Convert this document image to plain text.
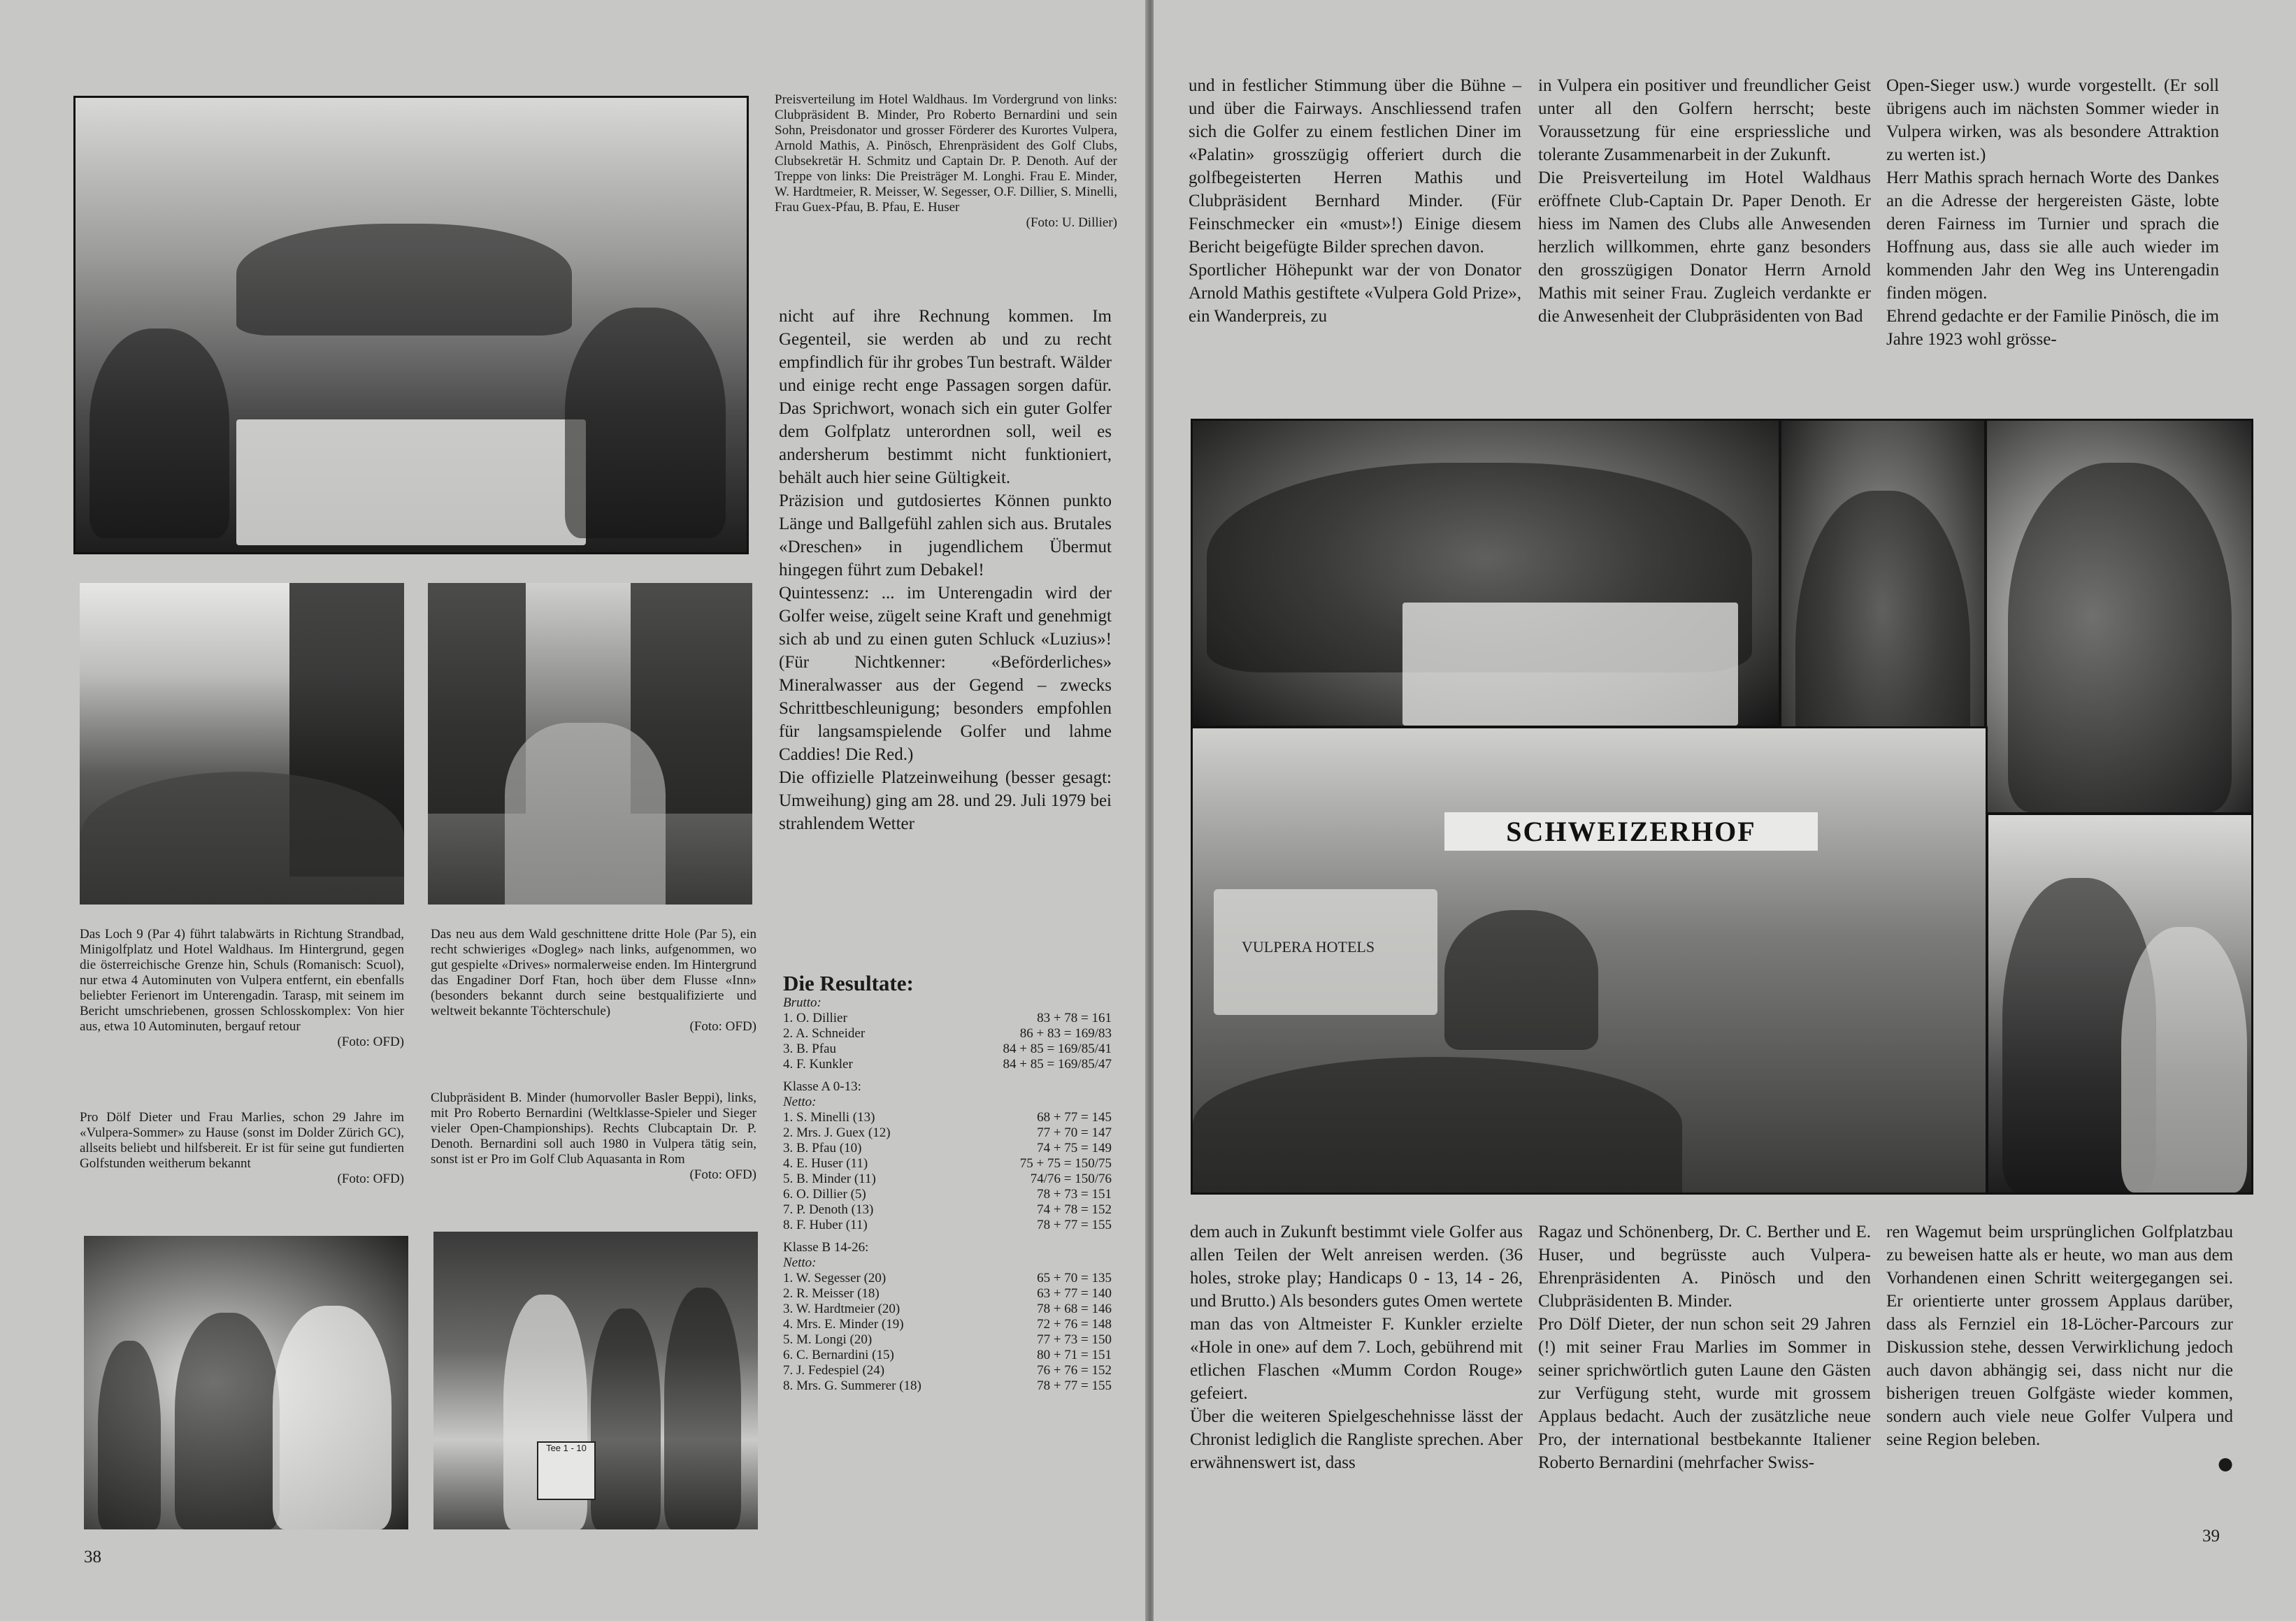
Preisverteilung im Hotel Waldhaus. Im Vordergrund von links: Clubpräsident B. Minder, Pro Roberto Bernardini und sein Sohn, Preisdonator und grosser Förderer des Kurortes Vulpera, Arnold Mathis, A. Pinösch, Ehrenpräsident des Golf Clubs, Clubsekretär H. Schmitz und Captain Dr. P. Denoth. Auf der Treppe von links: Die Preisträger M. Longhi. Frau E. Minder, W. Hardtmeier, R. Meisser, W. Segesser, O.F. Dillier, S. Minelli, Frau Guex-Pfau, B. Pfau, E. Huser
(Foto: U. Dillier)

Das Loch 9 (Par 4) führt talabwärts in Richtung Strandbad, Minigolfplatz und Hotel Waldhaus. Im Hintergrund, gegen die österreichische Grenze hin, Schuls (Romanisch: Scuol), nur etwa 4 Autominuten von Vulpera entfernt, ein ebenfalls beliebter Ferienort im Unterengadin. Tarasp, mit seinem im Bericht umschriebenen, grossen Schlosskomplex: Von hier aus, etwa 10 Autominuten, bergauf retour
(Foto: OFD)

Das neu aus dem Wald geschnittene dritte Hole (Par 5), ein recht schwieriges «Dogleg» nach links, aufgenommen, wo gut gespielte «Drives» normalerweise enden. Im Hintergrund das Engadiner Dorf Ftan, hoch über dem Flusse «Inn» (besonders bekannt durch seine bestqualifizierte und weltweit bekannte Töchterschule)
(Foto: OFD)

Pro Dölf Dieter und Frau Marlies, schon 29 Jahre im «Vulpera-Sommer» zu Hause (sonst im Dolder Zürich GC), allseits beliebt und hilfsbereit. Er ist für seine gut fundierten Golfstunden weitherum bekannt
(Foto: OFD)

Clubpräsident B. Minder (humorvoller Basler Beppi), links, mit Pro Roberto Bernardini (Weltklasse-Spieler und Sieger vieler Open-Championships). Rechts Clubcaptain Dr. P. Denoth. Bernardini soll auch 1980 in Vulpera tätig sein, sonst ist er Pro im Golf Club Aquasanta in Rom
(Foto: OFD)

Tee 1 - 10

nicht auf ihre Rechnung kommen. Im Gegenteil, sie werden ab und zu recht empfindlich für ihr grobes Tun bestraft. Wälder und einige recht enge Passagen sorgen dafür. Das Sprichwort, wonach sich ein guter Golfer dem Golfplatz unterordnen soll, weil es andersherum bestimmt nicht funktioniert, behält auch hier seine Gültigkeit.

Präzision und gutdosiertes Können punkto Länge und Ballgefühl zahlen sich aus. Brutales «Dreschen» in jugendlichem Übermut hingegen führt zum Debakel!

Quintessenz: ... im Unterengadin wird der Golfer weise, zügelt seine Kraft und genehmigt sich ab und zu einen guten Schluck «Luzius»! (Für Nichtkenner: «Beförderliches» Mineralwasser aus der Gegend – zwecks Schrittbeschleunigung; besonders empfohlen für langsamspielende Golfer und lahme Caddies! Die Red.)

Die offizielle Platzeinweihung (besser gesagt: Umweihung) ging am 28. und 29. Juli 1979 bei strahlendem Wetter

Die Resultate:
Brutto:
1. O. Dillier	83 + 78 = 161
2. A. Schneider	86 + 83 = 169/83
3. B. Pfau	84 + 85 = 169/85/41
4. F. Kunkler	84 + 85 = 169/85/47
Klasse A 0-13:
Netto:
1. S. Minelli (13)	68 + 77 = 145
2. Mrs. J. Guex (12)	77 + 70 = 147
3. B. Pfau (10)	74 + 75 = 149
4. E. Huser (11)	75 + 75 = 150/75
5. B. Minder (11)	74/76 = 150/76
6. O. Dillier (5)	78 + 73 = 151
7. P. Denoth (13)	74 + 78 = 152
8. F. Huber (11)	78 + 77 = 155
Klasse B 14-26:
Netto:
1. W. Segesser (20)	65 + 70 = 135
2. R. Meisser (18)	63 + 77 = 140
3. W. Hardtmeier (20)	78 + 68 = 146
4. Mrs. E. Minder (19)	72 + 76 = 148
5. M. Longi (20)	77 + 73 = 150
6. C. Bernardini (15)	80 + 71 = 151
7. J. Fedespiel (24)	76 + 76 = 152
8. Mrs. G. Summerer (18)	78 + 77 = 155
38

und in festlicher Stimmung über die Bühne – und über die Fairways. Anschliessend trafen sich die Golfer zu einem festlichen Diner im «Palatin» grosszügig offeriert durch die golfbegeisterten Herren Mathis und Clubpräsident Bernhard Minder. (Für Feinschmecker ein «must»!) Einige diesem Bericht beigefügte Bilder sprechen davon.

Sportlicher Höhepunkt war der von Donator Arnold Mathis gestiftete «Vulpera Gold Prize», ein Wanderpreis, zu

in Vulpera ein positiver und freundlicher Geist unter all den Golfern herrscht; beste Voraussetzung für eine erspriessliche und tolerante Zusammenarbeit in der Zukunft.

Die Preisverteilung im Hotel Waldhaus eröffnete Club-Captain Dr. Paper Denoth. Er hiess im Namen des Clubs alle Anwesenden herzlich willkommen, ehrte ganz besonders den grosszügigen Donator Herrn Arnold Mathis mit seiner Frau. Zugleich verdankte er die Anwesenheit der Clubpräsidenten von Bad

Open-Sieger usw.) wurde vorgestellt. (Er soll übrigens auch im nächsten Sommer wieder in Vulpera wirken, was als besondere Attraktion zu werten ist.)

Herr Mathis sprach hernach Worte des Dankes an die Adresse der hergereisten Gäste, lobte deren Fairness im Turnier und sprach die Hoffnung aus, dass sie alle auch wieder im kommenden Jahr den Weg ins Unterengadin finden mögen.

Ehrend gedachte er der Familie Pinösch, die im Jahre 1923 wohl grösse-

SCHWEIZERHOF
VULPERA HOTELS

dem auch in Zukunft bestimmt viele Golfer aus allen Teilen der Welt anreisen werden. (36 holes, stroke play; Handicaps 0 - 13, 14 - 26, und Brutto.) Als besonders gutes Omen wertete man das von Altmeister F. Kunkler erzielte «Hole in one» auf dem 7. Loch, gebührend mit etlichen Flaschen «Mumm Cordon Rouge» gefeiert.

Über die weiteren Spielgeschehnisse lässt der Chronist lediglich die Rangliste sprechen. Aber erwähnenswert ist, dass

Ragaz und Schönenberg, Dr. C. Berther und E. Huser, und begrüsste auch Vulpera-Ehrenpräsidenten A. Pinösch und den Clubpräsidenten B. Minder.

Pro Dölf Dieter, der nun schon seit 29 Jahren (!) mit seiner Frau Marlies im Sommer in seiner sprichwörtlich guten Laune den Gästen zur Verfügung steht, wurde mit grossem Applaus bedacht. Auch der zusätzliche neue Pro, der international bestbekannte Italiener Roberto Bernardini (mehrfacher Swiss-

ren Wagemut beim ursprünglichen Golfplatzbau zu beweisen hatte als er heute, wo man aus dem Vorhandenen einen Schritt weitergegangen sei. Er orientierte unter grossem Applaus darüber, dass als Fernziel ein 18-Löcher-Parcours zur Diskussion stehe, dessen Verwirklichung jedoch auch davon abhängig sei, dass nicht nur die bisherigen treuen Golfgäste wieder kommen, sondern auch viele neue Golfer Vulpera und seine Region beleben.

●
39
